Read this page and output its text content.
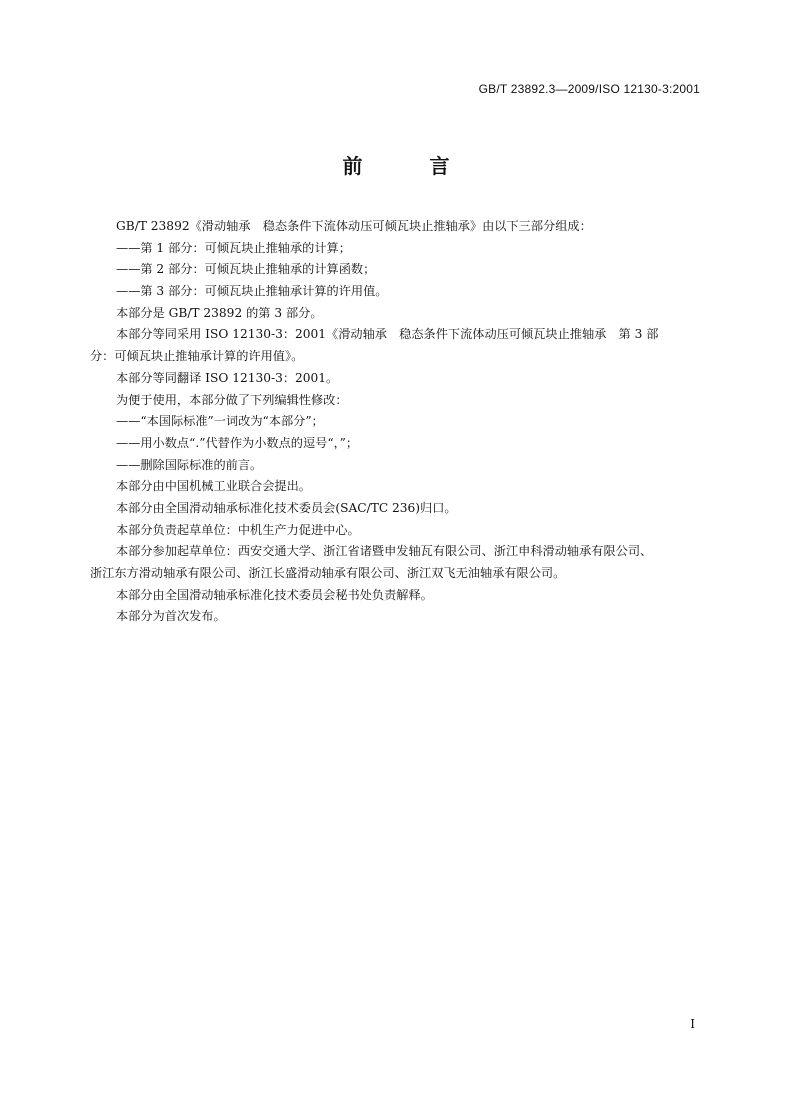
GB/T 23892.3—2009/ISO 12130-3:2001
前 言
GB/T 23892《滑动轴承　稳态条件下流体动压可倾瓦块止推轴承》由以下三部分组成：
——第 1 部分：可倾瓦块止推轴承的计算；
——第 2 部分：可倾瓦块止推轴承的计算函数；
——第 3 部分：可倾瓦块止推轴承计算的许用值。
本部分是 GB/T 23892 的第 3 部分。
本部分等同采用 ISO 12130-3：2001《滑动轴承　稳态条件下流体动压可倾瓦块止推轴承　第 3 部
分：可倾瓦块止推轴承计算的许用值》。
本部分等同翻译 ISO 12130-3：2001。
为便于使用，本部分做了下列编辑性修改：
——“本国际标准”一词改为“本部分”；
——用小数点“.”代替作为小数点的逗号“，”；
——删除国际标准的前言。
本部分由中国机械工业联合会提出。
本部分由全国滑动轴承标准化技术委员会(SAC/TC 236)归口。
本部分负责起草单位：中机生产力促进中心。
本部分参加起草单位：西安交通大学、浙江省诸暨申发轴瓦有限公司、浙江申科滑动轴承有限公司、
浙江东方滑动轴承有限公司、浙江长盛滑动轴承有限公司、浙江双飞无油轴承有限公司。
本部分由全国滑动轴承标准化技术委员会秘书处负责解释。
本部分为首次发布。
I
